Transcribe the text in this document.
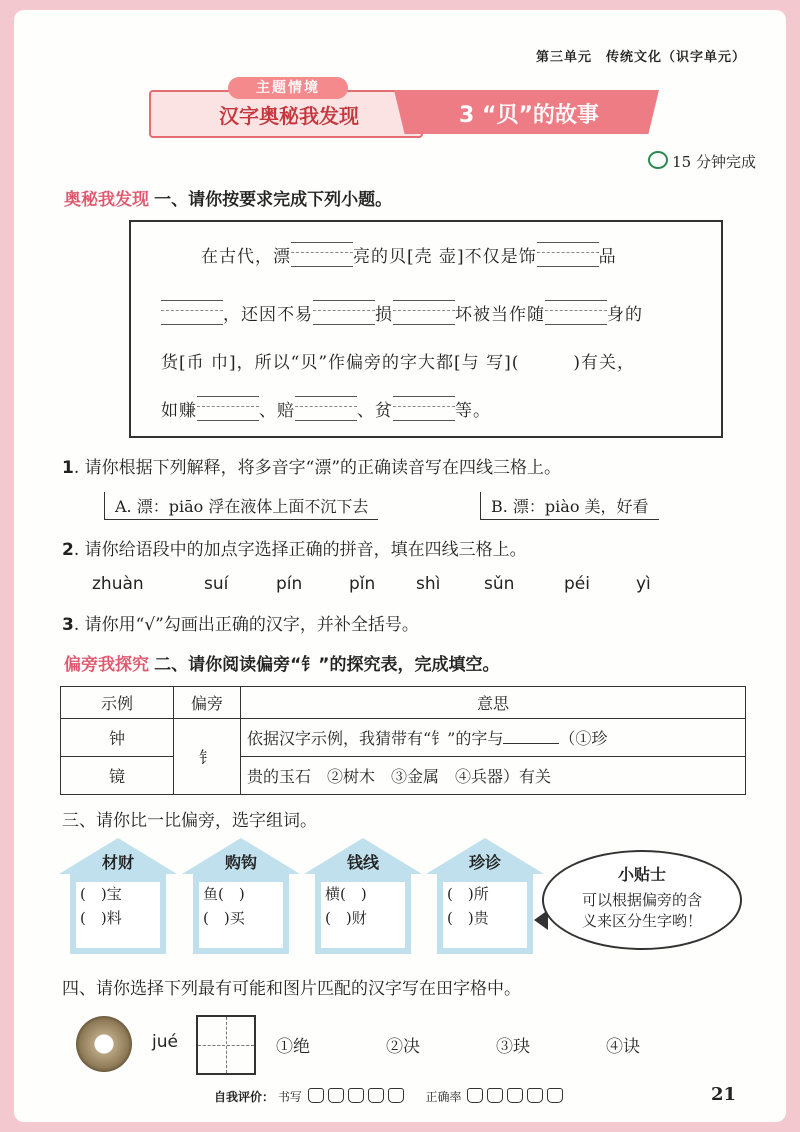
第三单元　传统文化（识字单元）
主题情境
汉字奥秘我发现	3 “贝”的故事
15 分钟完成
奥秘我发现 一、请你按要求完成下列小题。
在古代，漂	亮的贝[壳 壶]不仅是饰	品
，还因不易	损	坏被当作随	身的
货[币 巾]，所以“贝”作偏旁的字大都[与 写](　　　)有关，
如赚	、赔	、贫	等。
1. 请你根据下列解释，将多音字“漂”的正确读音写在四线三格上。
A. 漂：piāo 浮在液体上面不沉下去	B. 漂：piào 美，好看
2. 请你给语段中的加点字选择正确的拼音，填在四线三格上。
zhuàn	suí	pín	pǐn shì	sǔn	péi	yì
3. 请你用“√”勾画出正确的汉字，并补全括号。
偏旁我探究 二、请你阅读偏旁“钅”的探究表，完成填空。
示例	偏旁	意思
钟	钅	依据汉字示例，我猜带有“钅”的字与 （①珍
镜		贵的玉石　②树木　③金属　④兵器）有关
三、请你比一比偏旁，选字组词。
材财
(　)宝
(　)料
购钩
鱼(　)
(　)买
钱线
横(　)
(　)财
珍诊
(　)所
(　)贵
小贴士
可以根据偏旁的含
义来区分生字哟！
四、请你选择下列最有可能和图片匹配的汉字写在田字格中。
jué	①绝	②决	③玦	④诀
自我评价： 书写	正确率	21
